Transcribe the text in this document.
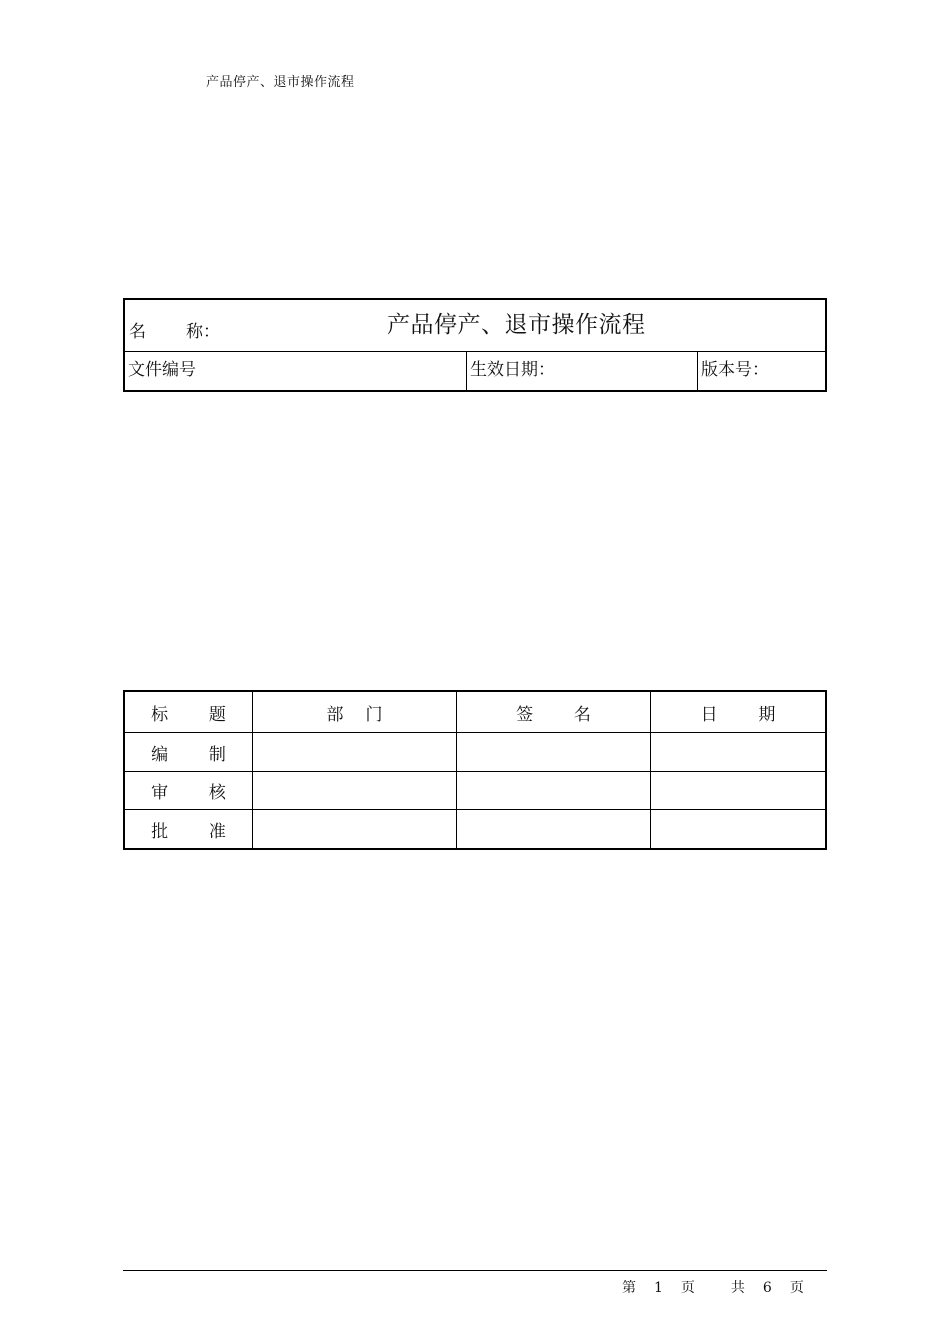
产品停产、退市操作流程
名 称：	产品停产、退市操作流程
文件编号	生效日期：	版本号：
标题	部门	签名	日期
编制
审核
批准
第 1 页	共 6 页
